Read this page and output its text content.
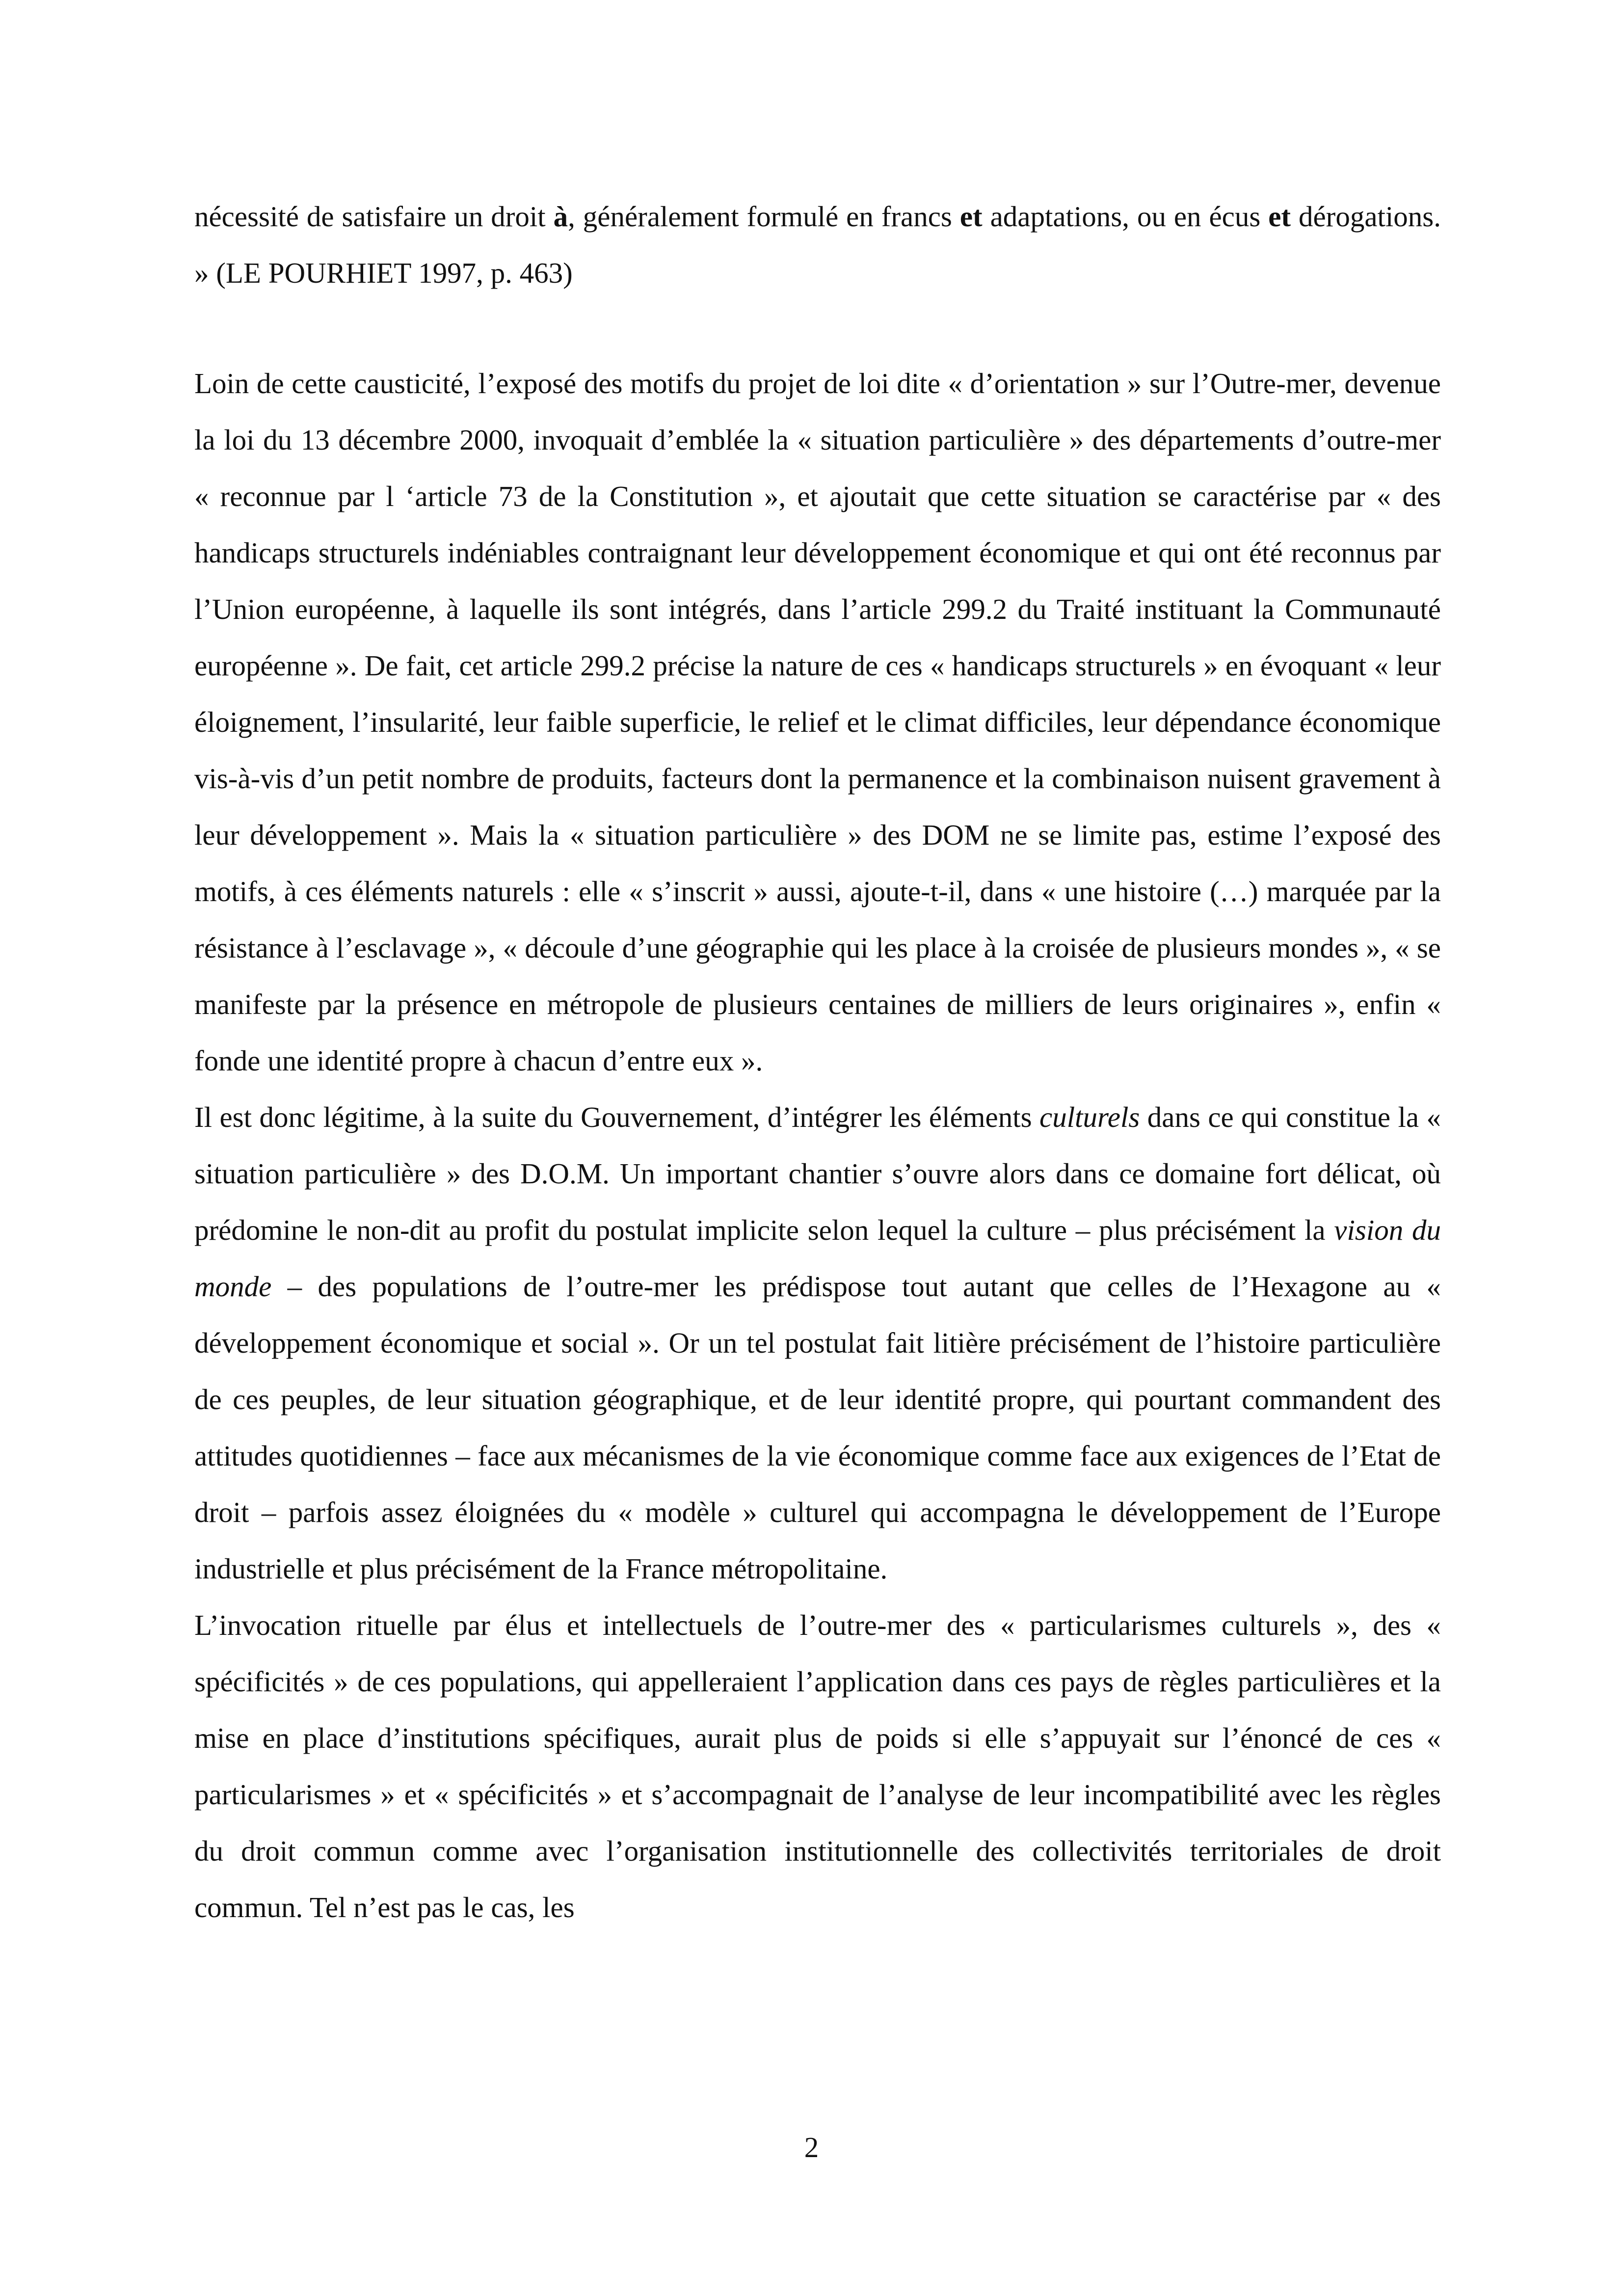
nécessité de satisfaire un droit à, généralement formulé en francs et adaptations, ou en écus et dérogations. » (LE POURHIET 1997, p. 463)

Loin de cette causticité, l’exposé des motifs du projet de loi dite « d’orientation » sur l’Outre-mer, devenue la loi du 13 décembre 2000, invoquait d’emblée la « situation particulière » des départements d’outre-mer « reconnue par l ‘article 73 de la Constitution », et ajoutait que cette situation se caractérise par « des handicaps structurels indéniables contraignant leur développement économique et qui ont été reconnus par l’Union européenne, à laquelle ils sont intégrés, dans l’article 299.2 du Traité instituant la Communauté européenne ». De fait, cet article 299.2 précise la nature de ces « handicaps structurels » en évoquant « leur éloignement, l’insularité, leur faible superficie, le relief et le climat difficiles, leur dépendance économique vis-à-vis d’un petit nombre de produits, facteurs dont la permanence et la combinaison nuisent gravement à leur développement ». Mais la « situation particulière » des DOM ne se limite pas, estime l’exposé des motifs, à ces éléments naturels : elle « s’inscrit » aussi, ajoute-t-il, dans « une histoire (…) marquée par la résistance à l’esclavage », « découle d’une géographie qui les place à la croisée de plusieurs mondes », « se manifeste par la présence en métropole de plusieurs centaines de milliers de leurs originaires », enfin « fonde une identité propre à chacun d’entre eux ».

Il est donc légitime, à la suite du Gouvernement, d’intégrer les éléments culturels dans ce qui constitue la « situation particulière » des D.O.M. Un important chantier s’ouvre alors dans ce domaine fort délicat, où prédomine le non-dit au profit du postulat implicite selon lequel la culture – plus précisément la vision du monde – des populations de l’outre-mer les prédispose tout autant que celles de l’Hexagone au « développement économique et social ». Or un tel postulat fait litière précisément de l’histoire particulière de ces peuples, de leur situation géographique, et de leur identité propre, qui pourtant commandent des attitudes quotidiennes – face aux mécanismes de la vie économique comme face aux exigences de l’Etat de droit – parfois assez éloignées du « modèle » culturel qui accompagna le développement de l’Europe industrielle et plus précisément de la France métropolitaine.

L’invocation rituelle par élus et intellectuels de l’outre-mer des « particularismes culturels », des « spécificités » de ces populations, qui appelleraient l’application dans ces pays de règles particulières et la mise en place d’institutions spécifiques, aurait plus de poids si elle s’appuyait sur l’énoncé de ces « particularismes » et « spécificités » et s’accompagnait de l’analyse de leur incompatibilité avec les règles du droit commun comme avec l’organisation institutionnelle des collectivités territoriales de droit commun. Tel n’est pas le cas, les

2
